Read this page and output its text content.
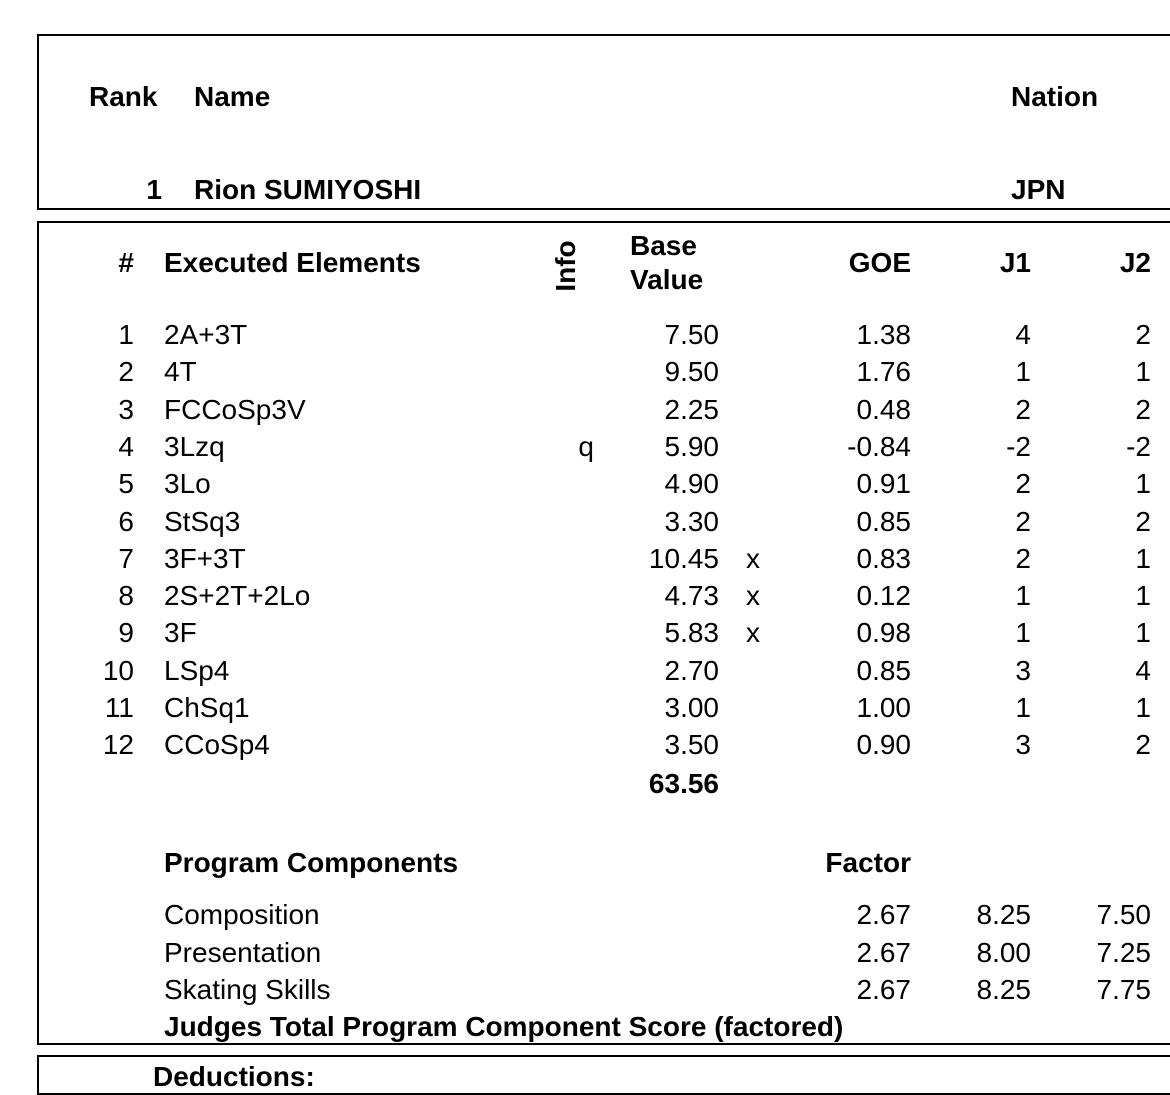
Rank Name	Nation
1 Rion SUMIYOSHI	JPN
# Executed Elements	Info Base
Value
GOE	J1	J2
1 2A+3T	7.50	1.38	4	2
2 4T	9.50	1.76	1	1
3 FCCoSp3V	2.25	0.48	2	2
4 3Lzq	q	5.90	-0.84	-2	-2
5 3Lo	4.90	0.91	2	1
6 StSq3	3.30	0.85	2	2
7 3F+3T	10.45 x	0.83	2	1
8 2S+2T+2Lo	4.73 x	0.12	1	1
9 3F	5.83 x	0.98	1	1
10 LSp4	2.70	0.85	3	4
11 ChSq1	3.00	1.00	1	1
12 CCoSp4	3.50	0.90	3	2
63.56
Program Components	Factor
Composition	2.67	8.25	7.50
Presentation	2.67	8.00	7.25
Skating Skills	2.67	8.25	7.75
Judges Total Program Component Score (factored)
Deductions:
